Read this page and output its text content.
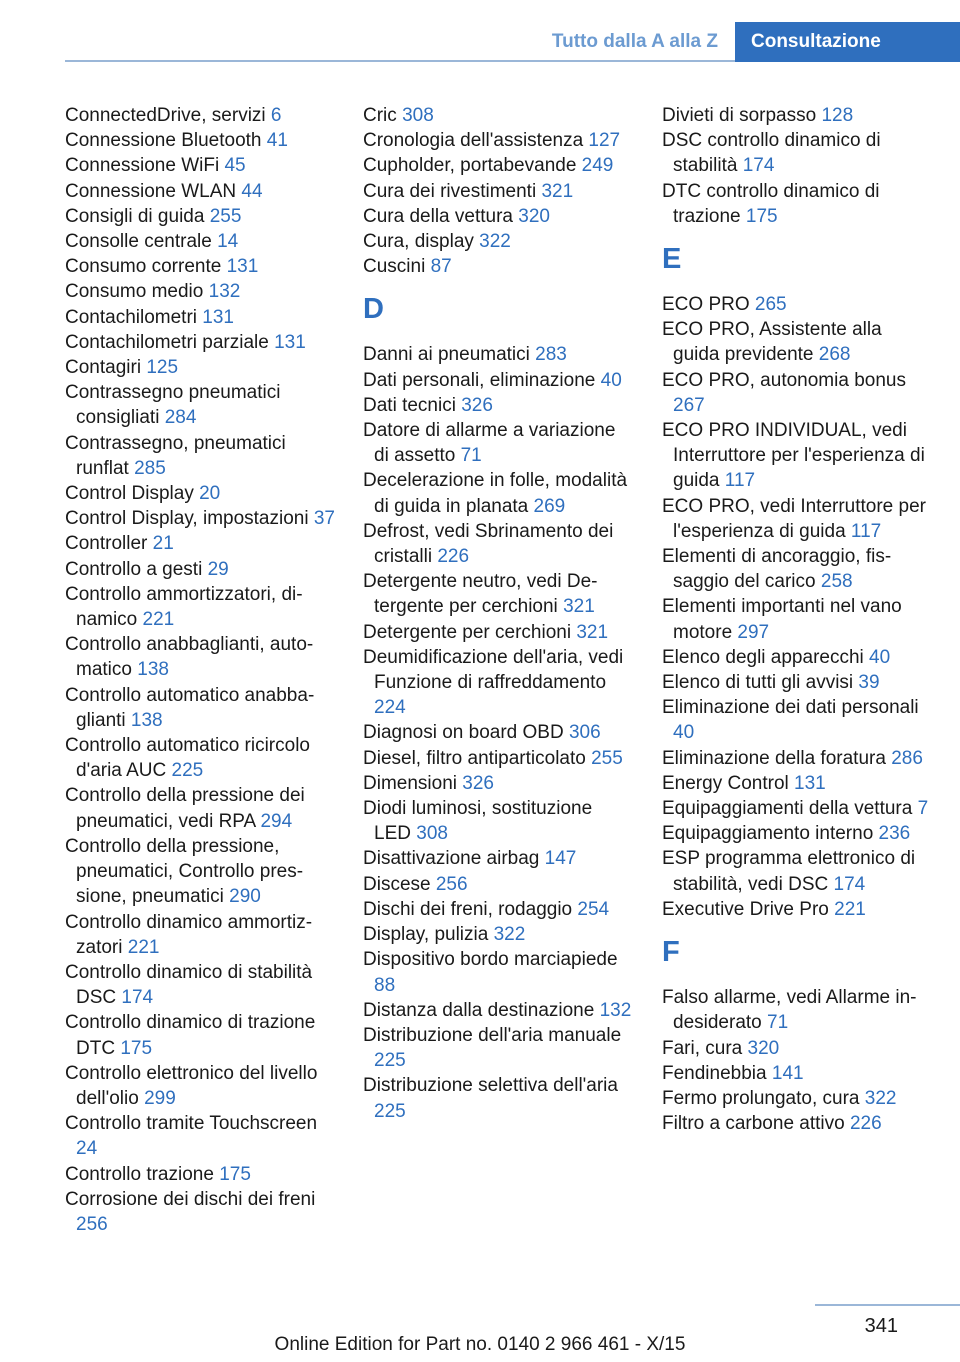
Tutto dalla A alla Z	Consultazione

ConnectedDrive, servizi 6

Connessione Bluetooth 41

Connessione WiFi 45

Connessione WLAN 44

Consigli di guida 255

Consolle centrale 14

Consumo corrente 131

Consumo medio 132

Contachilometri 131

Contachilometri parziale 131

Contagiri 125

Contrassegno pneumatici consigliati 284

Contrassegno, pneumatici runflat 285

Control Display 20

Control Display, impostazioni 37

Controller 21

Controllo a gesti 29

Controllo ammortizzatori, dinamico 221

Controllo anabbaglianti, automatico 138

Controllo automatico anabbaglianti 138

Controllo automatico ricircolo d'aria AUC 225

Controllo della pressione dei pneumatici, vedi RPA 294

Controllo della pressione, pneumatici, Controllo pressione, pneumatici 290

Controllo dinamico ammortizzatori 221

Controllo dinamico di stabilità DSC 174

Controllo dinamico di trazione DTC 175

Controllo elettronico del livello dell'olio 299

Controllo tramite Touchscreen 24

Controllo trazione 175

Corrosione dei dischi dei freni 256

Cric 308

Cronologia dell'assistenza 127

Cupholder, portabevande 249

Cura dei rivestimenti 321

Cura della vettura 320

Cura, display 322

Cuscini 87

D

Danni ai pneumatici 283

Dati personali, eliminazione 40

Dati tecnici 326

Datore di allarme a variazione di assetto 71

Decelerazione in folle, modalità di guida in planata 269

Defrost, vedi Sbrinamento dei cristalli 226

Detergente neutro, vedi Detergente per cerchioni 321

Detergente per cerchioni 321

Deumidificazione dell'aria, vedi Funzione di raffreddamento 224

Diagnosi on board OBD 306

Diesel, filtro antiparticolato 255

Dimensioni 326

Diodi luminosi, sostituzione LED 308

Disattivazione airbag 147

Discese 256

Dischi dei freni, rodaggio 254

Display, pulizia 322

Dispositivo bordo marciapiede 88

Distanza dalla destinazione 132

Distribuzione dell'aria manuale 225

Distribuzione selettiva dell'aria 225

Divieti di sorpasso 128

DSC controllo dinamico di stabilità 174

DTC controllo dinamico di trazione 175

E

ECO PRO 265

ECO PRO, Assistente alla guida previdente 268

ECO PRO, autonomia bonus 267

ECO PRO INDIVIDUAL, vedi Interruttore per l'esperienza di guida 117

ECO PRO, vedi Interruttore per l'esperienza di guida 117

Elementi di ancoraggio, fissaggio del carico 258

Elementi importanti nel vano motore 297

Elenco degli apparecchi 40

Elenco di tutti gli avvisi 39

Eliminazione dei dati personali 40

Eliminazione della foratura 286

Energy Control 131

Equipaggiamenti della vettura 7

Equipaggiamento interno 236

ESP programma elettronico di stabilità, vedi DSC 174

Executive Drive Pro 221

F

Falso allarme, vedi Allarme indesiderato 71

Fari, cura 320

Fendinebbia 141

Fermo prolungato, cura 322

Filtro a carbone attivo 226

341
Online Edition for Part no. 0140 2 966 461 - X/15
